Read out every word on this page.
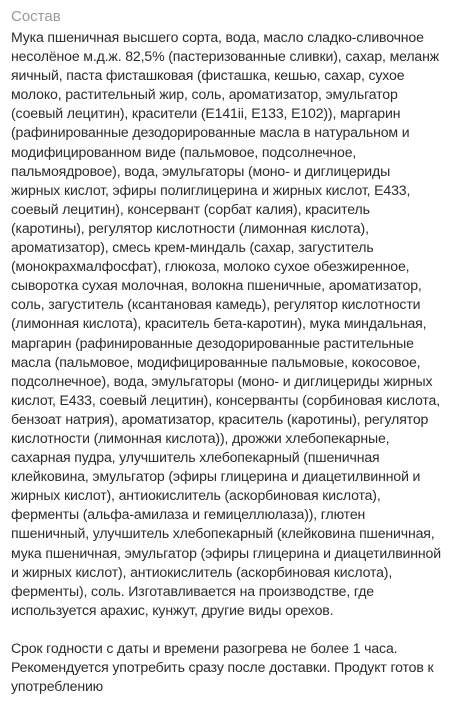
Состав

Мука пшеничная высшего сорта, вода, масло сладко-сливочное несолёное м.д.ж. 82,5% (пастеризованные сливки), сахар, меланж яичный, паста фисташковая (фисташка, кешью, сахар, сухое молоко, растительный жир, соль, ароматизатор, эмульгатор (соевый лецитин), красители (Е141ii, Е133, Е102)), маргарин (рафинированные дезодорированные масла в натуральном и модифицированном виде (пальмовое, подсолнечное, пальмоядровое), вода, эмульгаторы (моно- и диглицериды жирных кислот, эфиры полиглицерина и жирных кислот, Е433, соевый лецитин), консервант (сорбат калия), краситель (каротины), регулятор кислотности (лимонная кислота), ароматизатор), смесь крем-миндаль (сахар, загуститель (монокрахмалфосфат), глюкоза, молоко сухое обезжиренное, сыворотка сухая молочная, волокна пшеничные, ароматизатор, соль, загуститель (ксантановая камедь), регулятор кислотности (лимонная кислота), краситель бета-каротин), мука миндальная, маргарин (рафинированные дезодорированные растительные масла (пальмовое, модифицированные пальмовые, кокосовое, подсолнечное), вода, эмульгаторы (моно- и диглицериды жирных кислот, Е433, соевый лецитин), консерванты (сорбиновая кислота, бензоат натрия), ароматизатор, краситель (каротины), регулятор кислотности (лимонная кислота)), дрожжи хлебопекарные, сахарная пудра, улучшитель хлебопекарный (пшеничная клейковина, эмульгатор (эфиры глицерина и диацетилвинной и жирных кислот), антиокислитель (аскорбиновая кислота), ферменты (альфа-амилаза и гемицеллюлаза)), глютен пшеничный, улучшитель хлебопекарный (клейковина пшеничная, мука пшеничная, эмульгатор (эфиры глицерина и диацетилвинной и жирных кислот), антиокислитель (аскорбиновая кислота), ферменты), соль. Изготавливается на производстве, где используется арахис, кунжут, другие виды орехов.

Срок годности с даты и времени разогрева не более 1 часа. Рекомендуется употребить сразу после доставки. Продукт готов к употреблению
